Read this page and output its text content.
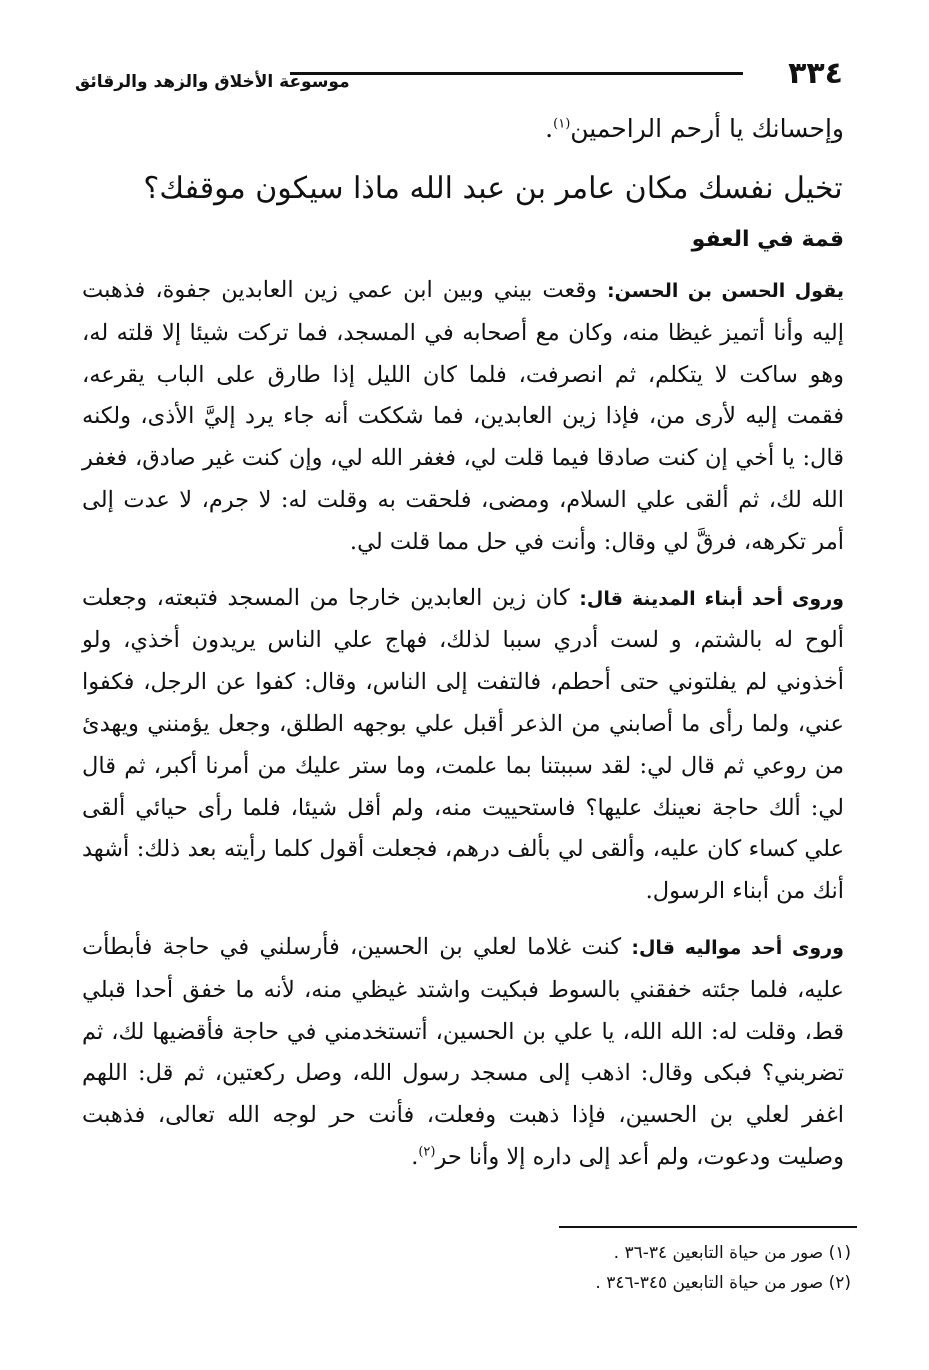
٣٣٤
موسوعة الأخلاق والزهد والرقائق

وإحسانك يا أرحم الراحمين$^{(١)}$.

تخيل نفسك مكان عامر بن عبد الله ماذا سيكون موقفك؟

قمة في العفو

يقول الحسن بن الحسن: وقعت بيني وبين ابن عمي زين العابدين جفوة، فذهبت إليه وأنا أتميز غيظا منه، وكان مع أصحابه في المسجد، فما تركت شيئا إلا قلته له، وهو ساكت لا يتكلم، ثم انصرفت، فلما كان الليل إذا طارق على الباب يقرعه، فقمت إليه لأرى من، فإذا زين العابدين، فما شككت أنه جاء يرد إليَّ الأذى، ولكنه قال: يا أخي إن كنت صادقا فيما قلت لي، فغفر الله لي، وإن كنت غير صادق، فغفر الله لك، ثم ألقى علي السلام، ومضى، فلحقت به وقلت له: لا جرم، لا عدت إلى أمر تكرهه، فرقَّ لي وقال: وأنت في حل مما قلت لي.

وروى أحد أبناء المدينة قال: كان زين العابدين خارجا من المسجد فتبعته، وجعلت ألوح له بالشتم، و لست أدري سببا لذلك، فهاج علي الناس يريدون أخذي، ولو أخذوني لم يفلتوني حتى أحطم، فالتفت إلى الناس، وقال: كفوا عن الرجل، فكفوا عني، ولما رأى ما أصابني من الذعر أقبل علي بوجهه الطلق، وجعل يؤمنني ويهدئ من روعي ثم قال لي: لقد سببتنا بما علمت، وما ستر عليك من أمرنا أكبر، ثم قال لي: ألك حاجة نعينك عليها؟ فاستحييت منه، ولم أقل شيئا، فلما رأى حيائي ألقى علي كساء كان عليه، وألقى لي بألف درهم، فجعلت أقول كلما رأيته بعد ذلك: أشهد أنك من أبناء الرسول.

وروى أحد مواليه قال: كنت غلاما لعلي بن الحسين، فأرسلني في حاجة فأبطأت عليه، فلما جئته خفقني بالسوط فبكيت واشتد غيظي منه، لأنه ما خفق أحدا قبلي قط، وقلت له: الله الله، يا علي بن الحسين، أتستخدمني في حاجة فأقضيها لك، ثم تضربني؟ فبكى وقال: اذهب إلى مسجد رسول الله، وصل ركعتين، ثم قل: اللهم اغفر لعلي بن الحسين، فإذا ذهبت وفعلت، فأنت حر لوجه الله تعالى، فذهبت وصليت ودعوت، ولم أعد إلى داره إلا وأنا حر$^{(٢)}$.

(١) صور من حياة التابعين ٣٤-٣٦ .
(٢) صور من حياة التابعين ٣٤٥-٣٤٦ .
